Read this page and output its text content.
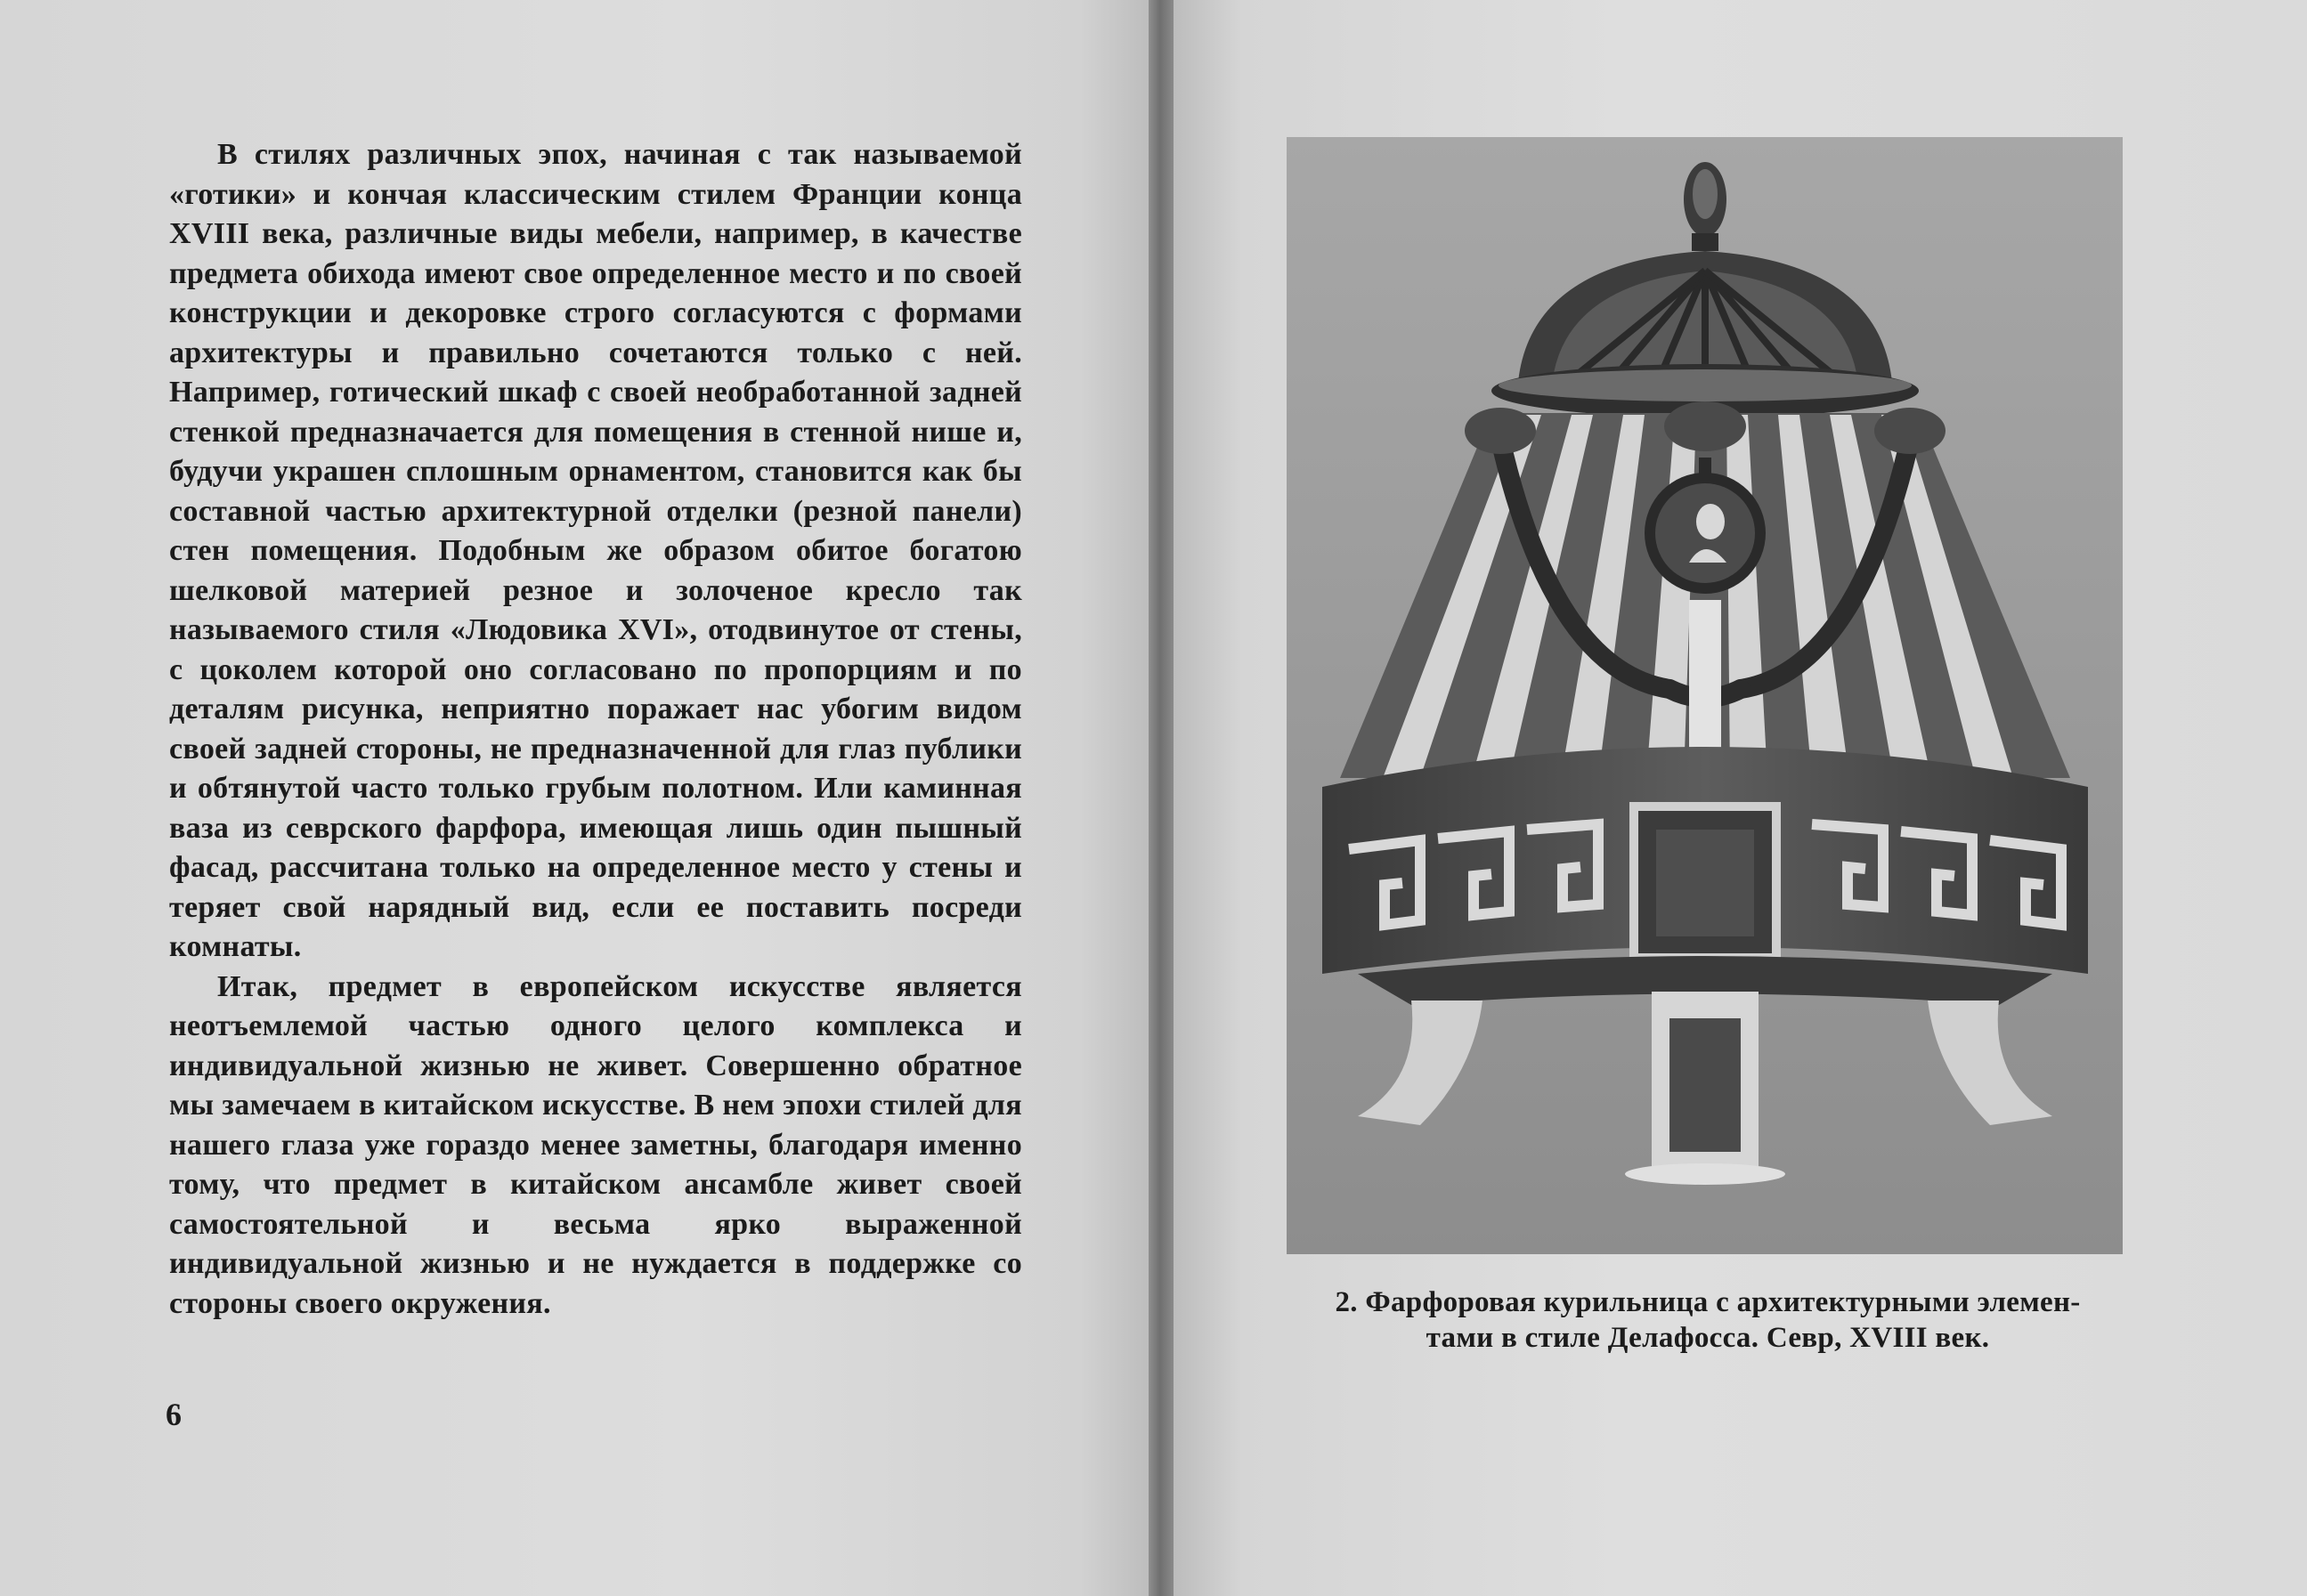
В стилях различных эпох, начиная с так называемой «готики» и кончая классическим стилем Франции конца XVIII века, различные виды мебели, например, в качестве предмета обихода имеют свое определенное место и по своей конструкции и декоровке строго согласуются с формами архитектуры и правильно сочетаются только с ней. Например, готический шкаф с своей необработанной задней стенкой предназначается для помещения в стенной нише и, будучи украшен сплошным орнаментом, становится как бы составной частью архитектурной отделки (резной панели) стен помещения. Подобным же образом обитое богатою шелковой материей резное и золоченое кресло так называемого стиля «Людовика XVI», отодвинутое от стены, с цоколем которой оно согласовано по пропорциям и по деталям рисунка, неприятно поражает нас убогим видом своей задней стороны, не предназначенной для глаз публики и обтянутой часто только грубым полотном. Или каминная ваза из севрского фарфора, имеющая лишь один пышный фасад, рассчитана только на определенное место у стены и теряет свой нарядный вид, если ее поставить посреди комнаты.

Итак, предмет в европейском искусстве является неотъемлемой частью одного целого комплекса и индивидуальной жизнью не живет. Совершенно обратное мы замечаем в китайском искусстве. В нем эпохи стилей для нашего глаза уже гораздо менее заметны, благодаря именно тому, что предмет в китайском ансамбле живет своей самостоятельной и весьма ярко выраженной индивидуальной жизнью и не нуждается в поддержке со стороны своего окружения.

6
2. Фарфоровая курильница с архитектурными элемен-
тами в стиле Делафосса. Севр, XVIII век.
